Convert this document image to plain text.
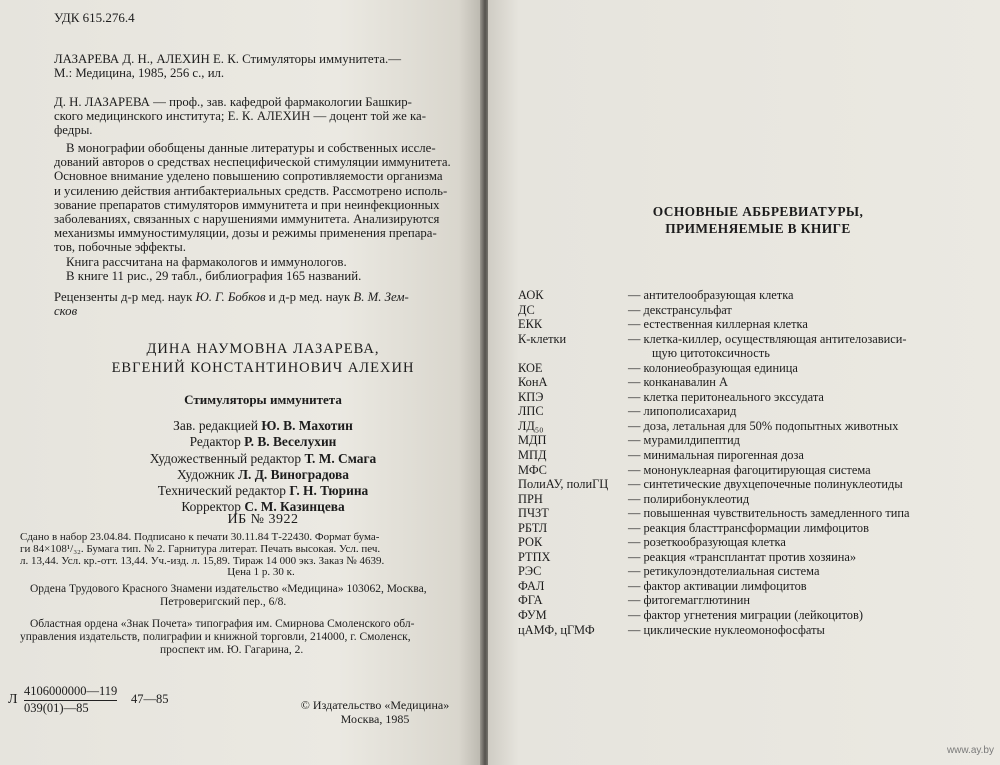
УДК 615.276.4
ЛАЗАРЕВА Д. Н., АЛЕХИН Е. К. Стимуляторы иммунитета.—
М.: Медицина, 1985, 256 с., ил.
Д. Н. ЛАЗАРЕВА — проф., зав. кафедрой фармакологии Башкир-
ского медицинского института; Е. К. АЛЕХИН — доцент той же ка-
федры.
В монографии обобщены данные литературы и собственных иссле-
дований авторов о средствах неспецифической стимуляции иммунитета.
Основное внимание уделено повышению сопротивляемости организма
и усилению действия антибактериальных средств. Рассмотрено исполь-
зование препаратов стимуляторов иммунитета и при неинфекционных
заболеваниях, связанных с нарушениями иммунитета. Анализируются
механизмы иммуностимуляции, дозы и режимы применения препара-
тов, побочные эффекты.
Книга рассчитана на фармакологов и иммунологов.
В книге 11 рис., 29 табл., библиография 165 названий.
Рецензенты д-р мед. наук Ю. Г. Бобков и д-р мед. наук В. М. Зем-
сков
ДИНА НАУМОВНА ЛАЗАРЕВА,
ЕВГЕНИЙ КОНСТАНТИНОВИЧ АЛЕХИН
Стимуляторы иммунитета
Зав. редакцией Ю. В. Махотин
Редактор Р. В. Веселухин
Художественный редактор Т. М. Смага
Художник Л. Д. Виноградова
Технический редактор Г. Н. Тюрина
Корректор С. М. Казинцева
ИБ № 3922
Сдано в набор 23.04.84. Подписано к печати 30.11.84 Т-22430. Формат бума-
ги 84×108¹/₃₂. Бумага тип. № 2. Гарнитура литерат. Печать высокая. Усл. печ.
л. 13,44. Усл. кр.-отт. 13,44. Уч.-изд. л. 15,89. Тираж 14 000 экз. Заказ № 4639.
Цена 1 р. 30 к.
Ордена Трудового Красного Знамени издательство «Медицина» 103062, Москва,
Петроверигский пер., 6/8.
Областная ордена «Знак Почета» типография им. Смирнова Смоленского обл-
управления издательств, полиграфии и книжной торговли, 214000, г. Смоленск,
проспект им. Ю. Гагарина, 2.
Л
4106000000—119
039(01)—85
47—85	© Издательство «Медицина»
Москва, 1985
ОСНОВНЫЕ АББРЕВИАТУРЫ,
ПРИМЕНЯЕМЫЕ В КНИГЕ
АОК	— антителообразующая клетка
ДС	— декстрансульфат
ЕКК	— естественная киллерная клетка
К-клетки	— клетка-киллер, осуществляющая антителозависи-
щую цитотоксичность
КОЕ	— колониеобразующая единица
КонА	— конканавалин А
КПЭ	— клетка перитонеального экссудата
ЛПС	— липополисахарид
ЛД₅₀	— доза, летальная для 50% подопытных животных
МДП	— мурамилдипептид
МПД	— минимальная пирогенная доза
МФС	— мононуклеарная фагоцитирующая система
ПолиАУ, полиГЦ — синтетические двухцепочечные полинуклеотиды
ПРН	— полирибонуклеотид
ПЧЗТ	— повышенная чувствительность замедленного типа
РБТЛ	— реакция бласттрансформации лимфоцитов
РОК	— розеткообразующая клетка
РТПХ	— реакция «трансплантат против хозяина»
РЭС	— ретикулоэндотелиальная система
ФАЛ	— фактор активации лимфоцитов
ФГА	— фитогемагглютинин
ФУМ	— фактор угнетения миграции (лейкоцитов)
цАМФ, цГМФ	— циклические нуклеомонофосфаты
www.ay.by
